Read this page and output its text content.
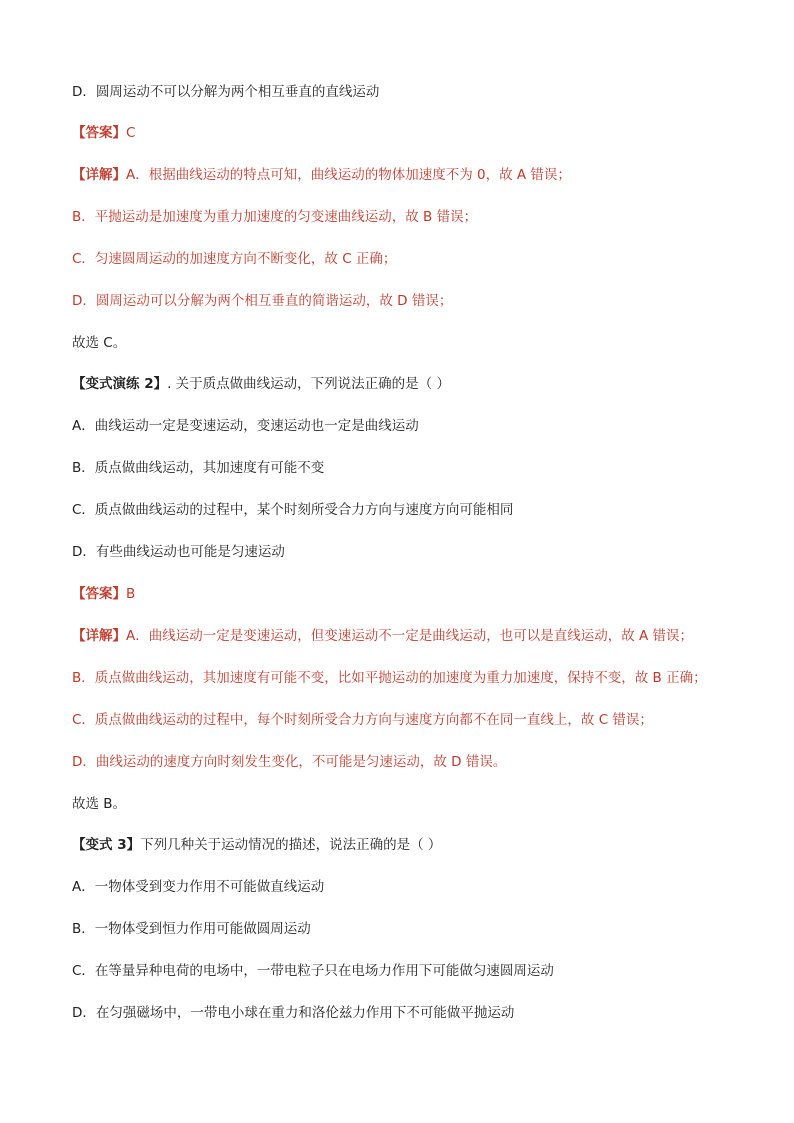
D．圆周运动不可以分解为两个相互垂直的直线运动
【答案】C
【详解】A．根据曲线运动的特点可知，曲线运动的物体加速度不为 0，故 A 错误；
B．平抛运动是加速度为重力加速度的匀变速曲线运动，故 B 错误；
C．匀速圆周运动的加速度方向不断变化，故 C 正确；
D．圆周运动可以分解为两个相互垂直的简谐运动，故 D 错误；
故选 C。
【变式演练 2】. 关于质点做曲线运动，下列说法正确的是（ ）
A．曲线运动一定是变速运动，变速运动也一定是曲线运动
B．质点做曲线运动，其加速度有可能不变
C．质点做曲线运动的过程中，某个时刻所受合力方向与速度方向可能相同
D．有些曲线运动也可能是匀速运动
【答案】B
【详解】A．曲线运动一定是变速运动，但变速运动不一定是曲线运动，也可以是直线运动，故 A 错误；
B．质点做曲线运动，其加速度有可能不变，比如平抛运动的加速度为重力加速度，保持不变，故 B 正确；
C．质点做曲线运动的过程中，每个时刻所受合力方向与速度方向都不在同一直线上，故 C 错误；
D．曲线运动的速度方向时刻发生变化，不可能是匀速运动，故 D 错误。
故选 B。
【变式 3】下列几种关于运动情况的描述，说法正确的是（ ）
A．一物体受到变力作用不可能做直线运动
B．一物体受到恒力作用可能做圆周运动
C．在等量异种电荷的电场中，一带电粒子只在电场力作用下可能做匀速圆周运动
D．在匀强磁场中，一带电小球在重力和洛伦兹力作用下不可能做平抛运动
